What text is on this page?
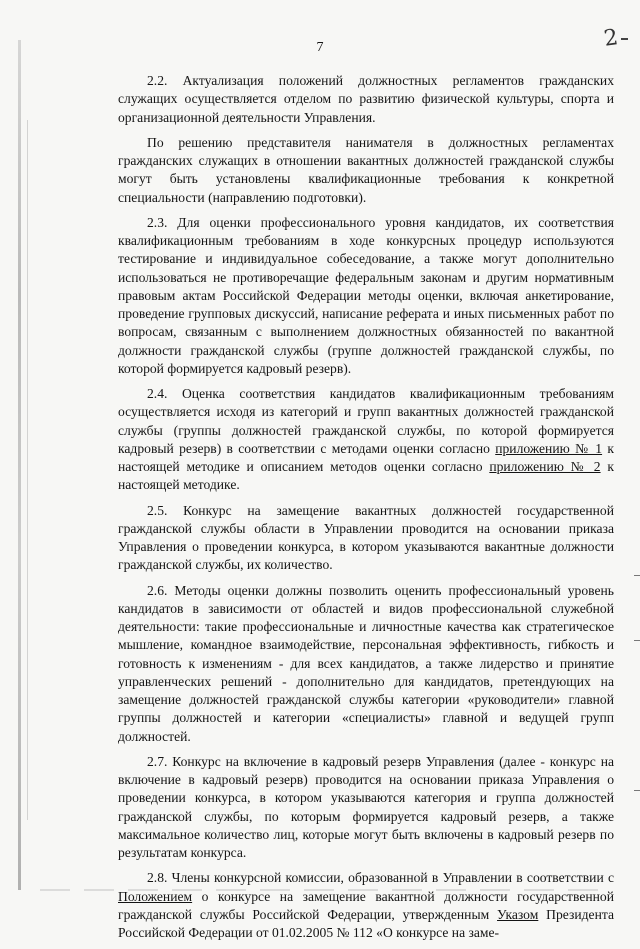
7	2

2.2. Актуализация положений должностных регламентов гражданских служащих осуществляется отделом по развитию физической культуры, спорта и организационной деятельности Управления.

По решению представителя нанимателя в должностных регламентах гражданских служащих в отношении вакантных должностей гражданской службы могут быть установлены квалификационные требования к конкретной специальности (направлению подготовки).

2.3. Для оценки профессионального уровня кандидатов, их соответствия квалификационным требованиям в ходе конкурсных процедур используются тестирование и индивидуальное собеседование, а также могут дополнительно использоваться не противоречащие федеральным законам и другим нормативным правовым актам Российской Федерации методы оценки, включая анкетирование, проведение групповых дискуссий, написание реферата и иных письменных работ по вопросам, связанным с выполнением должностных обязанностей по вакантной должности гражданской службы (группе должностей гражданской службы, по которой формируется кадровый резерв).

2.4. Оценка соответствия кандидатов квалификационным требованиям осуществляется исходя из категорий и групп вакантных должностей гражданской службы (группы должностей гражданской службы, по которой формируется кадровый резерв) в соответствии с методами оценки согласно приложению № 1 к настоящей методике и описанием методов оценки согласно приложению № 2 к настоящей методике.

2.5. Конкурс на замещение вакантных должностей государственной гражданской службы области в Управлении проводится на основании приказа Управления о проведении конкурса, в котором указываются вакантные должности гражданской службы, их количество.

2.6. Методы оценки должны позволить оценить профессиональный уровень кандидатов в зависимости от областей и видов профессиональной служебной деятельности: такие профессиональные и личностные качества как стратегическое мышление, командное взаимодействие, персональная эффективность, гибкость и готовность к изменениям - для всех кандидатов, а также лидерство и принятие управленческих решений - дополнительно для кандидатов, претендующих на замещение должностей гражданской службы категории «руководители» главной группы должностей и категории «специалисты» главной и ведущей групп должностей.

2.7. Конкурс на включение в кадровый резерв Управления (далее - конкурс на включение в кадровый резерв) проводится на основании приказа Управления о проведении конкурса, в котором указываются категория и группа должностей гражданской службы, по которым формируется кадровый резерв, а также максимальное количество лиц, которые могут быть включены в кадровый резерв по результатам конкурса.

2.8. Члены конкурсной комиссии, образованной в Управлении в соответствии с Положением о конкурсе на замещение вакантной должности государственной гражданской службы Российской Федерации, утвержденным Указом Президента Российской Федерации от 01.02.2005 № 112 «О конкурсе на заме-
